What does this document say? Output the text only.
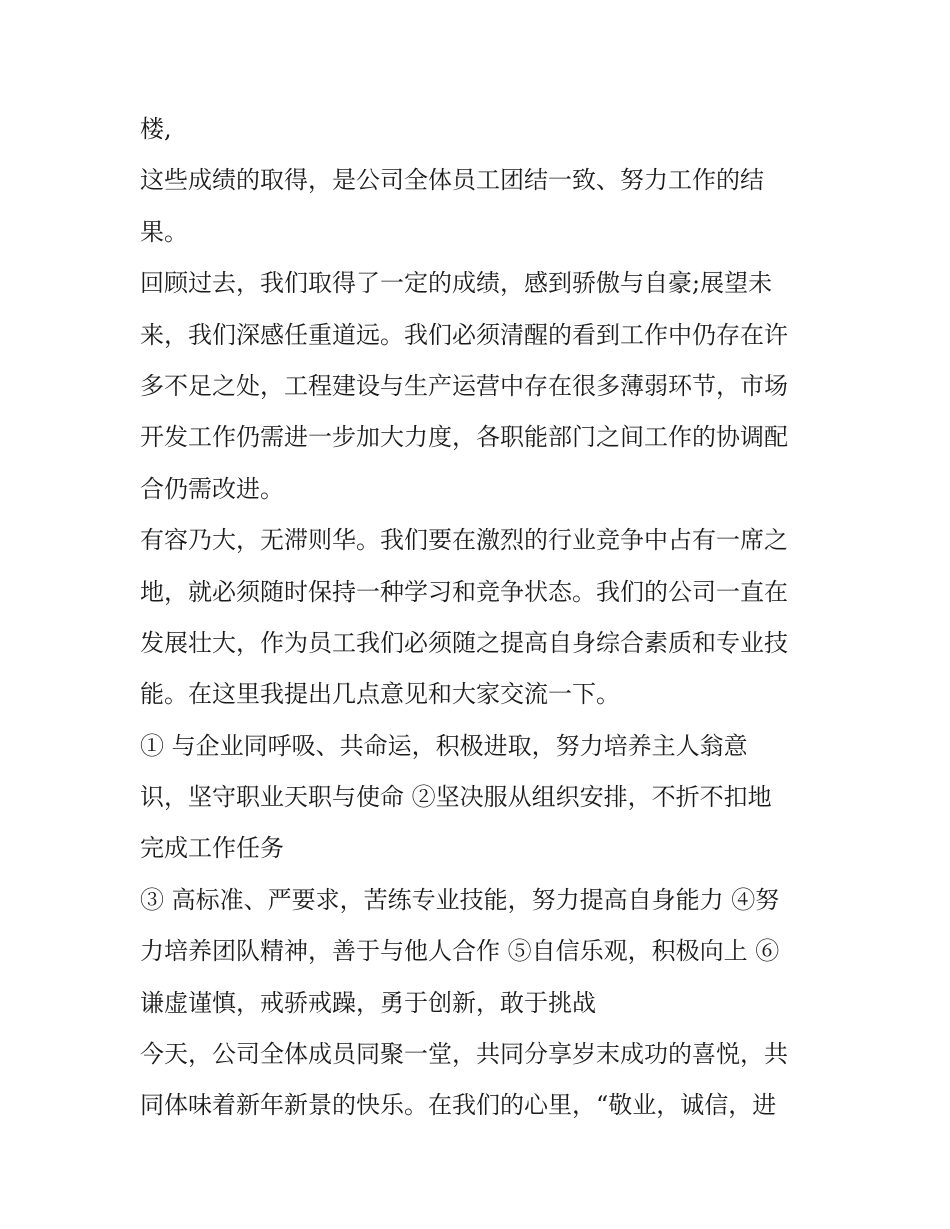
楼,
这些成绩的取得，是公司全体员工团结一致、努力工作的结
果。
回顾过去，我们取得了一定的成绩，感到骄傲与自豪;展望未
来，我们深感任重道远。我们必须清醒的看到工作中仍存在许
多不足之处，工程建设与生产运营中存在很多薄弱环节，市场
开发工作仍需进一步加大力度，各职能部门之间工作的协调配
合仍需改进。
有容乃大，无滞则华。我们要在激烈的行业竞争中占有一席之
地，就必须随时保持一种学习和竞争状态。我们的公司一直在
发展壮大，作为员工我们必须随之提高自身综合素质和专业技
能。在这里我提出几点意见和大家交流一下。
① 与企业同呼吸、共命运，积极进取，努力培养主人翁意
识，坚守职业天职与使命 ②坚决服从组织安排，不折不扣地
完成工作任务
③ 高标准、严要求，苦练专业技能，努力提高自身能力 ④努
力培养团队精神，善于与他人合作 ⑤自信乐观，积极向上 ⑥
谦虚谨慎，戒骄戒躁，勇于创新，敢于挑战
今天，公司全体成员同聚一堂，共同分享岁末成功的喜悦，共
同体味着新年新景的快乐。在我们的心里，“敬业，诚信，进
